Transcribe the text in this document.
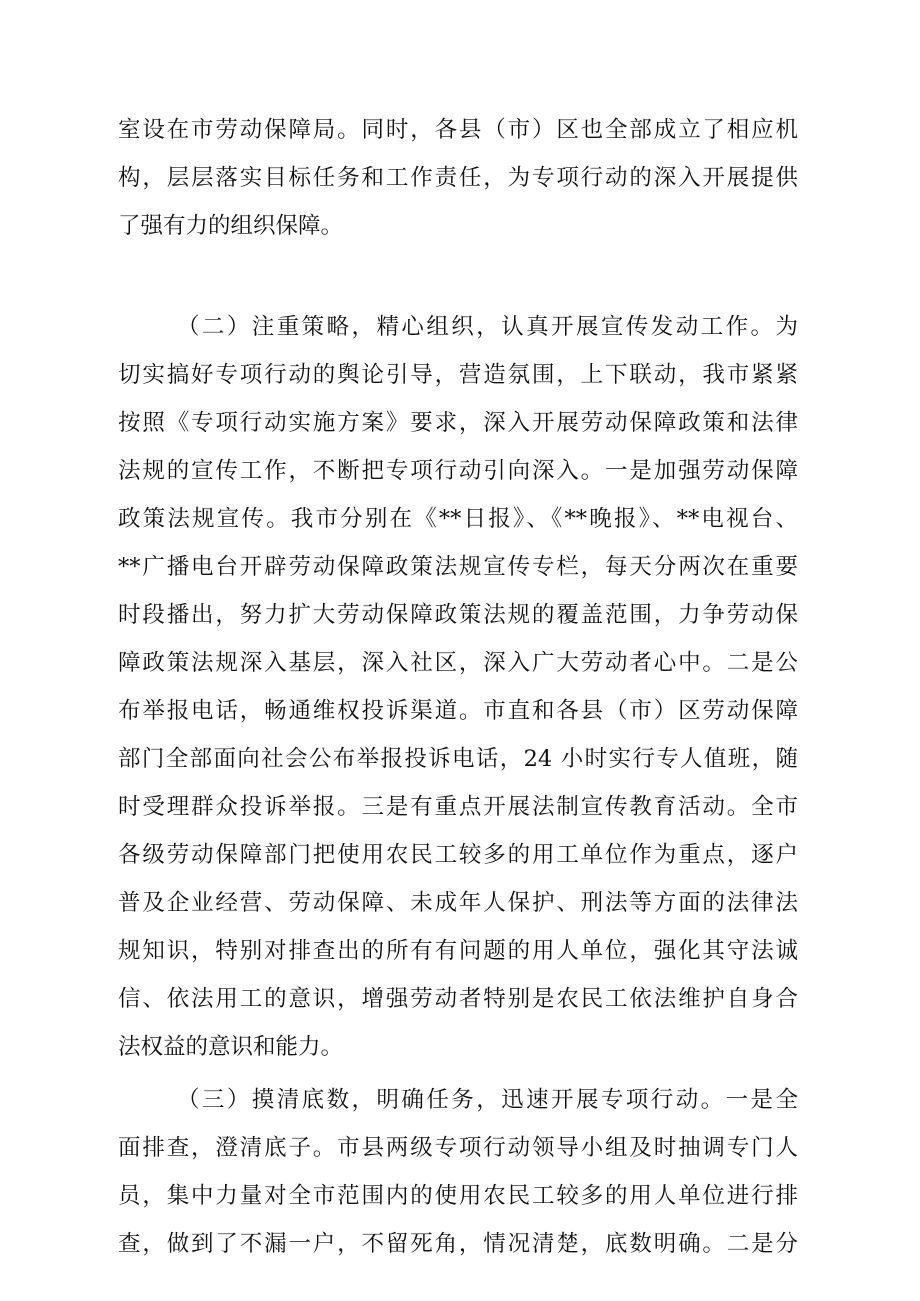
室设在市劳动保障局。同时，各县（市）区也全部成立了相应机
构，层层落实目标任务和工作责任，为专项行动的深入开展提供
了强有力的组织保障。
（二）注重策略，精心组织，认真开展宣传发动工作。为
切实搞好专项行动的舆论引导，营造氛围，上下联动，我市紧紧
按照《专项行动实施方案》要求，深入开展劳动保障政策和法律
法规的宣传工作，不断把专项行动引向深入。一是加强劳动保障
政策法规宣传。我市分别在《**日报》、《**晚报》、**电视台、
**广播电台开辟劳动保障政策法规宣传专栏，每天分两次在重要
时段播出，努力扩大劳动保障政策法规的覆盖范围，力争劳动保
障政策法规深入基层，深入社区，深入广大劳动者心中。二是公
布举报电话，畅通维权投诉渠道。市直和各县（市）区劳动保障
部门全部面向社会公布举报投诉电话，24 小时实行专人值班，随
时受理群众投诉举报。三是有重点开展法制宣传教育活动。全市
各级劳动保障部门把使用农民工较多的用工单位作为重点，逐户
普及企业经营、劳动保障、未成年人保护、刑法等方面的法律法
规知识，特别对排查出的所有有问题的用人单位，强化其守法诚
信、依法用工的意识，增强劳动者特别是农民工依法维护自身合
法权益的意识和能力。
（三）摸清底数，明确任务，迅速开展专项行动。一是全
面排查，澄清底子。市县两级专项行动领导小组及时抽调专门人
员，集中力量对全市范围内的使用农民工较多的用人单位进行排
查，做到了不漏一户，不留死角，情况清楚，底数明确。二是分
